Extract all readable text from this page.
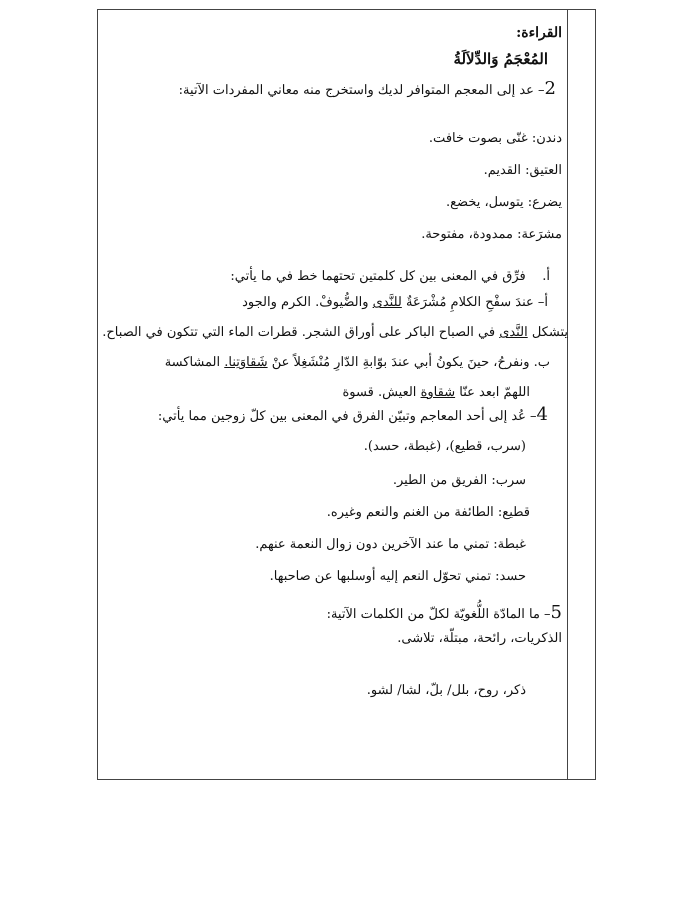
القراءة:
المُعْجَمُ وَالدِّلاَلَةُ
2– عد إلى المعجم المتوافر لديك واستخرج منه معاني المفردات الآتية:
دندن: غنّى بصوت خافت.
العتيق: القديم.
يضرع: يتوسل، يخضع.
مشرَعة: ممدودة، مفتوحة.
أ.    فرِّق في المعنى بين كل كلمتين تحتهما خط في ما يأتي:
أ– عندَ سفْحِ الكلامِ مُشْرَعَةٌ للنَّدى والضُّيوفْ. الكرم والجود
يتشكل النَّدى في الصباح الباكر على أوراق الشجر. قطرات الماء التي تتكون في الصباح.
ب. ونفرحُ، حينَ يكونُ أبي عندَ بوّابةِ الدّارِ مُنْشَغِلاً عنْ شَقاوَتِنا. المشاكسة
اللهمّ ابعد عنّا شقاوة العيش. قسوة
4– عُد إلى أحد المعاجم وتبيّن الفرق في المعنى بين كلّ زوجين مما يأتي:
(سرب، قطيع)، (غبطة، حسد).
سرب: الفريق من الطير.
قطيع: الطائفة من الغنم والنعم وغيره.
غبطة: تمني ما عند الآخرين دون زوال النعمة عنهم.
حسد: تمني تحوّل النعم إليه أوسلبها عن صاحبها.
5– ما المادّة اللُّغويّة لكلّ من الكلمات الآتية:
الذكريات، رائحة، مبتلّة، تلاشى.
ذكر، روح، بلل/ بلّ، لشا/ لشو.
